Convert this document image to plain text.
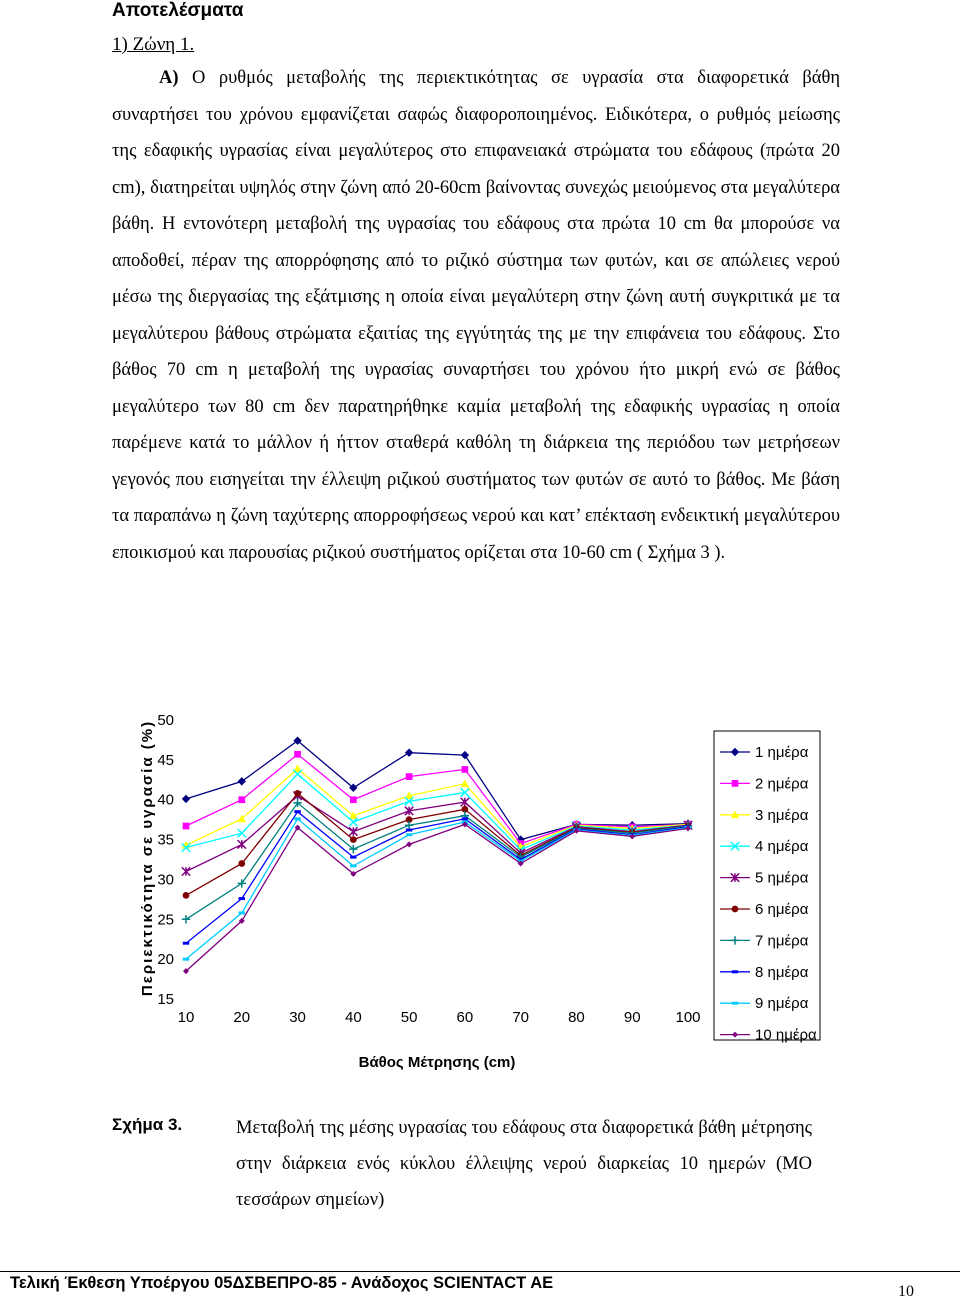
Αποτελέσματα
1) Ζώνη 1.

Α) Ο ρυθμός μεταβολής της περιεκτικότητας σε υγρασία στα διαφορετικά βάθη συναρτήσει του χρόνου εμφανίζεται σαφώς διαφοροποιημένος. Ειδικότερα, ο ρυθμός μείωσης της εδαφικής υγρασίας είναι μεγαλύτερος στο επιφανειακά στρώματα του εδάφους (πρώτα 20 cm), διατηρείται υψηλός στην ζώνη από 20-60cm βαίνοντας συνεχώς μειούμενος στα μεγαλύτερα βάθη. Η εντονότερη μεταβολή της υγρασίας του εδάφους στα πρώτα 10 cm θα μπορούσε να αποδοθεί, πέραν της απορρόφησης από το ριζικό σύστημα των φυτών, και σε απώλειες νερού μέσω της διεργασίας της εξάτμισης η οποία είναι μεγαλύτερη στην ζώνη αυτή συγκριτικά με τα μεγαλύτερου βάθους στρώματα εξαιτίας της εγγύτητάς της με την επιφάνεια του εδάφους. Στο βάθος 70 cm η μεταβολή της υγρασίας συναρτήσει του χρόνου ήτο μικρή ενώ σε βάθος μεγαλύτερο των 80 cm δεν παρατηρήθηκε καμία μεταβολή της εδαφικής υγρασίας η οποία παρέμενε κατά το μάλλον ή ήττον σταθερά καθόλη τη διάρκεια της περιόδου των μετρήσεων γεγονός που εισηγείται την έλλειψη ριζικού συστήματος των φυτών σε αυτό το βάθος. Με βάση τα παραπάνω η ζώνη ταχύτερης απορροφήσεως νερού και κατ’ επέκταση ενδεικτική μεγαλύτερου εποικισμού και παρουσίας ριζικού συστήματος ορίζεται στα 10-60 cm ( Σχήμα 3 ).

15
20
25
30
35
40
45
50
10	20	30	40	50	60	70	80	90 100
Περιεκτικότητα σε υγρασία (%)
Βάθος Μέτρησης (cm)
1 ημέρα
2 ημέρα
3 ημέρα
4 ημέρα
5 ημέρα
6 ημέρα
7 ημέρα
8 ημέρα
9 ημέρα
10 ημέρα
Σχήμα 3.	Μεταβολή της μέσης υγρασίας του εδάφους στα διαφορετικά βάθη μέτρησης στην διάρκεια ενός κύκλου έλλειψης νερού διαρκείας 10 ημερών (ΜΟ τεσσάρων σημείων)

Τελική Έκθεση Υποέργου 05ΔΣΒΕΠΡΟ-85 - Ανάδοχος SCIENTACT AE	10
